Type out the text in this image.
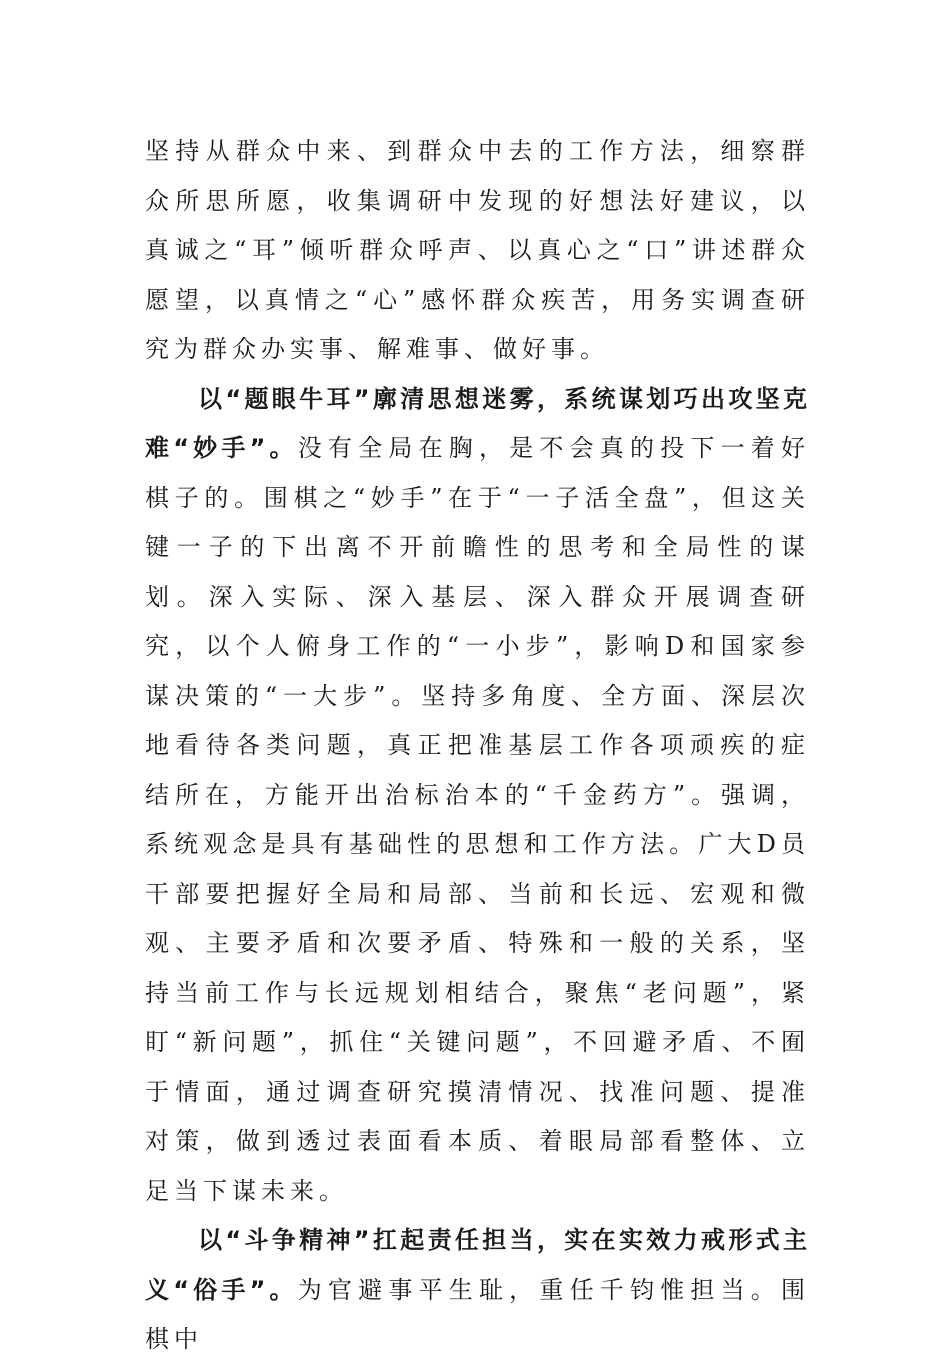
坚持从群众中来、到群众中去的工作方法，细察群众所思所愿，收集调研中发现的好想法好建议，以真诚之“耳”倾听群众呼声、以真心之“口”讲述群众愿望，以真情之“心”感怀群众疾苦，用务实调查研究为群众办实事、解难事、做好事。

以“题眼牛耳”廓清思想迷雾，系统谋划巧出攻坚克难“妙手”。没有全局在胸，是不会真的投下一着好棋子的。围棋之“妙手”在于“一子活全盘”，但这关键一子的下出离不开前瞻性的思考和全局性的谋划。深入实际、深入基层、深入群众开展调查研究，以个人俯身工作的“一小步”，影响D和国家参谋决策的“一大步”。坚持多角度、全方面、深层次地看待各类问题，真正把准基层工作各项顽疾的症结所在，方能开出治标治本的“千金药方”。强调，系统观念是具有基础性的思想和工作方法。广大D员干部要把握好全局和局部、当前和长远、宏观和微观、主要矛盾和次要矛盾、特殊和一般的关系，坚持当前工作与长远规划相结合，聚焦“老问题”，紧盯“新问题”，抓住“关键问题”，不回避矛盾、不囿于情面，通过调查研究摸清情况、找准问题、提准对策，做到透过表面看本质、着眼局部看整体、立足当下谋未来。

以“斗争精神”扛起责任担当，实在实效力戒形式主义“俗手”。为官避事平生耻，重任千钧惟担当。围棋中
